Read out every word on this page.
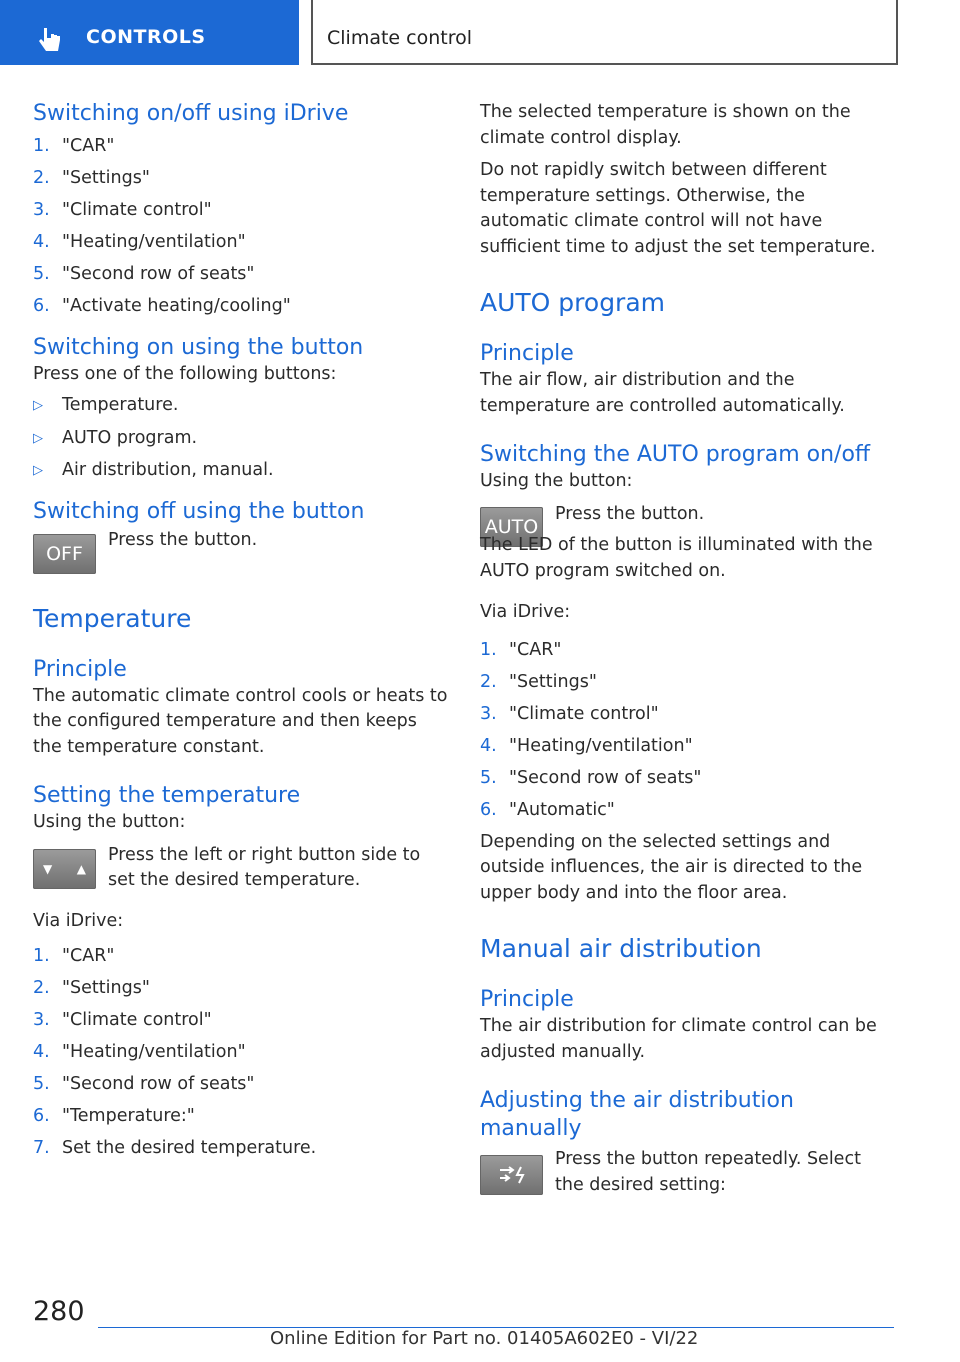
CONTROLS	Climate control
Switching on/off using iDrive
1. "CAR"
2. "Settings"
3. "Climate control"
4. "Heating/ventilation"
5. "Second row of seats"
6. "Activate heating/cooling"
Switching on using the button

Press one of the following buttons:

▷	Temperature.
▷	AUTO program.
▷	Air distribution, manual.
Switching off using the button
OFF

Press the button.

Temperature
Principle

The automatic climate control cools or heats to the configured temperature and then keeps the temperature constant.

Setting the temperature

Using the button:

▼ ▲

Press the left or right button side to set the desired temperature.

Via iDrive:

1. "CAR"
2. "Settings"
3. "Climate control"
4. "Heating/ventilation"
5. "Second row of seats"
6. "Temperature:"
7. Set the desired temperature.

The selected temperature is shown on the climate control display.

Do not rapidly switch between different temperature settings. Otherwise, the automatic climate control will not have sufficient time to adjust the set temperature.

AUTO program
Principle

The air flow, air distribution and the temperature are controlled automatically.

Switching the AUTO program on/off

Using the button:

AUTO

Press the button.

The LED of the button is illuminated with the AUTO program switched on.

Via iDrive:

1. "CAR"
2. "Settings"
3. "Climate control"
4. "Heating/ventilation"
5. "Second row of seats"
6. "Automatic"

Depending on the selected settings and outside influences, the air is directed to the upper body and into the floor area.

Manual air distribution
Principle

The air distribution for climate control can be adjusted manually.

Adjusting the air distribution manually

Press the button repeatedly. Select the desired setting:

280
Online Edition for Part no. 01405A602E0 - VI/22
